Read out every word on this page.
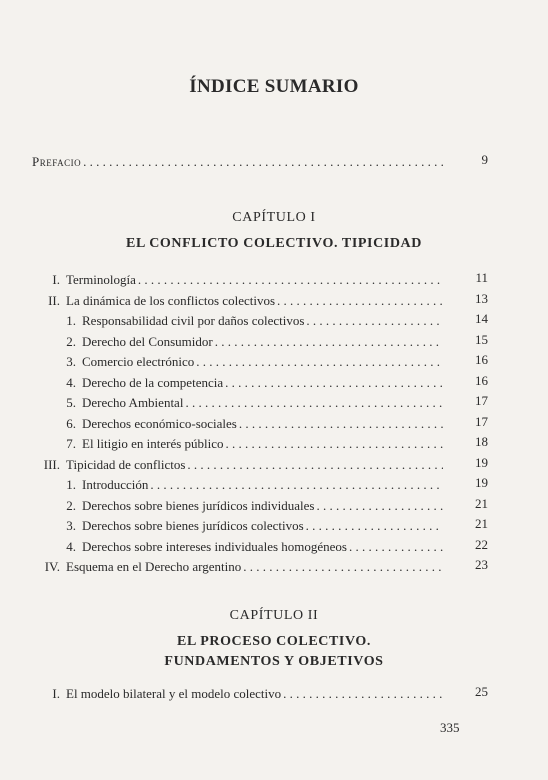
ÍNDICE SUMARIO
Prefacio . . .	9
CAPÍTULO I
EL CONFLICTO COLECTIVO. TIPICIDAD
I. Terminología . . .	11
II. La dinámica de los conflictos colectivos . . .	13
1. Responsabilidad civil por daños colectivos . . .	14
2. Derecho del Consumidor . . .	15
3. Comercio electrónico . . .	16
4. Derecho de la competencia . . .	16
5. Derecho Ambiental . . .	17
6. Derechos económico-sociales . . .	17
7. El litigio en interés público . . .	18
III. Tipicidad de conflictos . . .	19
1. Introducción . . .	19
2. Derechos sobre bienes jurídicos individuales . . .	21
3. Derechos sobre bienes jurídicos colectivos . . .	21
4. Derechos sobre intereses individuales homogéneos . . .	22
IV. Esquema en el Derecho argentino . . .	23
CAPÍTULO II
EL PROCESO COLECTIVO.
FUNDAMENTOS Y OBJETIVOS
I. El modelo bilateral y el modelo colectivo . . .	25
335
